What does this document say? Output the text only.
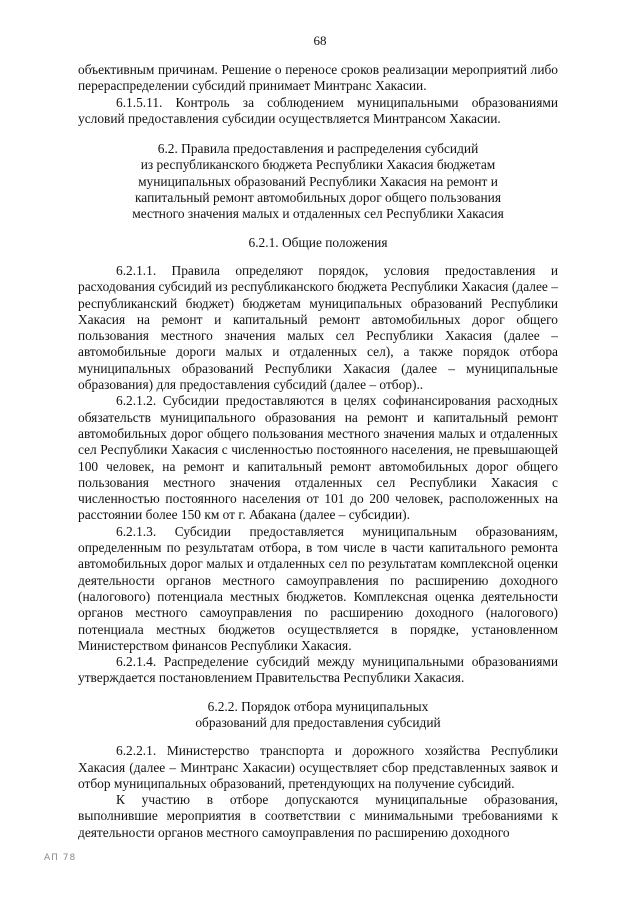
68

объективным причинам. Решение о переносе сроков реализации мероприятий либо перераспределении субсидий принимает Минтранс Хакасии.

6.1.5.11. Контроль за соблюдением муниципальными образованиями условий предоставления субсидии осуществляется Минтрансом Хакасии.

6.2. Правила предоставления и распределения субсидий
из республиканского бюджета Республики Хакасия бюджетам
муниципальных образований Республики Хакасия на ремонт и
капитальный ремонт автомобильных дорог общего пользования
местного значения малых и отдаленных сел Республики Хакасия
6.2.1. Общие положения

6.2.1.1. Правила определяют порядок, условия предоставления и расходования субсидий из республиканского бюджета Республики Хакасия (далее – республиканский бюджет) бюджетам муниципальных образований Республики Хакасия на ремонт и капитальный ремонт автомобильных дорог общего пользования местного значения малых сел Республики Хакасия (далее – автомобильные дороги малых и отдаленных сел), а также порядок отбора муниципальных образований Республики Хакасия (далее – муниципальные образования) для предоставления субсидий (далее – отбор)..

6.2.1.2. Субсидии предоставляются в целях софинансирования расходных обязательств муниципального образования на ремонт и капитальный ремонт автомобильных дорог общего пользования местного значения малых и отдаленных сел Республики Хакасия с численностью постоянного населения, не превышающей 100 человек, на ремонт и капитальный ремонт автомобильных дорог общего пользования местного значения отдаленных сел Республики Хакасия с численностью постоянного населения от 101 до 200 человек, расположенных на расстоянии более 150 км от г. Абакана (далее – субсидии).

6.2.1.3. Субсидии предоставляется муниципальным образованиям, определенным по результатам отбора, в том числе в части капитального ремонта автомобильных дорог малых и отдаленных сел по результатам комплексной оценки деятельности органов местного самоуправления по расширению доходного (налогового) потенциала местных бюджетов. Комплексная оценка деятельности органов местного самоуправления по расширению доходного (налогового) потенциала местных бюджетов осуществляется в порядке, установленном Министерством финансов Республики Хакасия.

6.2.1.4. Распределение субсидий между муниципальными образованиями утверждается постановлением Правительства Республики Хакасия.

6.2.2. Порядок отбора муниципальных
образований для предоставления субсидий

6.2.2.1. Министерство транспорта и дорожного хозяйства Республики Хакасия (далее – Минтранс Хакасии) осуществляет сбор представленных заявок и отбор муниципальных образований, претендующих на получение субсидий.

К участию в отборе допускаются муниципальные образования, выполнившие мероприятия в соответствии с минимальными требованиями к деятельности органов местного самоуправления по расширению доходного

АП 78
